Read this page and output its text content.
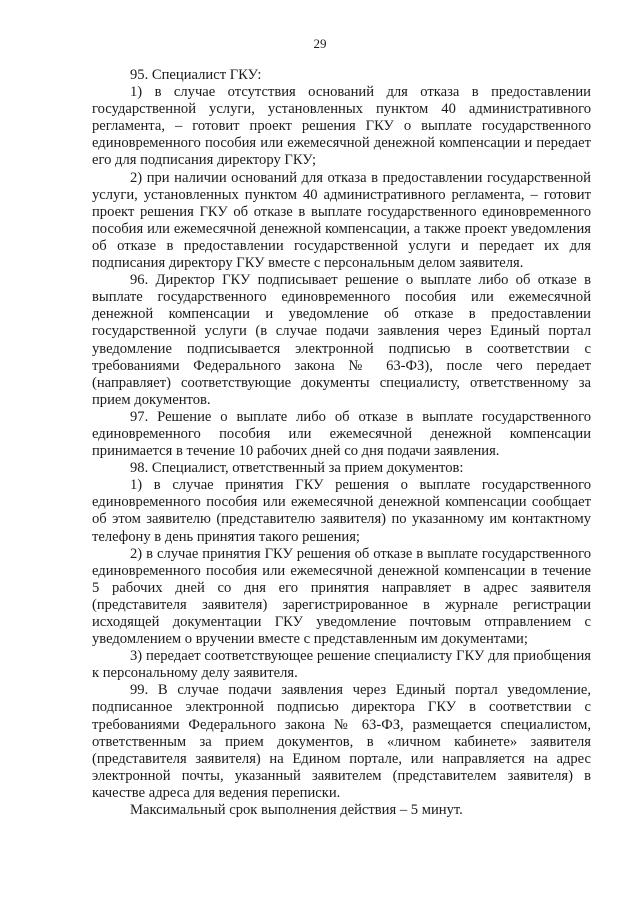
29

95. Специалист ГКУ:

1) в случае отсутствия оснований для отказа в предоставлении государственной услуги, установленных пунктом 40 административного регламента, – готовит проект решения ГКУ о выплате государственного единовременного пособия или ежемесячной денежной компенсации и передает его для подписания директору ГКУ;

2) при наличии оснований для отказа в предоставлении государственной услуги, установленных пунктом 40 административного регламента, – готовит проект решения ГКУ об отказе в выплате государственного единовременного пособия или ежемесячной денежной компенсации, а также проект уведомления об отказе в предоставлении государственной услуги и передает их для подписания директору ГКУ вместе с персональным делом заявителя.

96. Директор ГКУ подписывает решение о выплате либо об отказе в выплате государственного единовременного пособия или ежемесячной денежной компенсации и уведомление об отказе в предоставлении государственной услуги (в случае подачи заявления через Единый портал уведомление подписывается электронной подписью в соответствии с требованиями Федерального закона № 63-ФЗ), после чего передает (направляет) соответствующие документы специалисту, ответственному за прием документов.

97. Решение о выплате либо об отказе в выплате государственного единовременного пособия или ежемесячной денежной компенсации принимается в течение 10 рабочих дней со дня подачи заявления.

98. Специалист, ответственный за прием документов:

1) в случае принятия ГКУ решения о выплате государственного единовременного пособия или ежемесячной денежной компенсации сообщает об этом заявителю (представителю заявителя) по указанному им контактному телефону в день принятия такого решения;

2) в случае принятия ГКУ решения об отказе в выплате государственного единовременного пособия или ежемесячной денежной компенсации в течение 5 рабочих дней со дня его принятия направляет в адрес заявителя (представителя заявителя) зарегистрированное в журнале регистрации исходящей документации ГКУ уведомление почтовым отправлением с уведомлением о вручении вместе с представленным им документами;

3) передает соответствующее решение специалисту ГКУ для приобщения к персональному делу заявителя.

99. В случае подачи заявления через Единый портал уведомление, подписанное электронной подписью директора ГКУ в соответствии с требованиями Федерального закона № 63-ФЗ, размещается специалистом, ответственным за прием документов, в «личном кабинете» заявителя (представителя заявителя) на Едином портале, или направляется на адрес электронной почты, указанный заявителем (представителем заявителя) в качестве адреса для ведения переписки.

Максимальный срок выполнения действия – 5 минут.
